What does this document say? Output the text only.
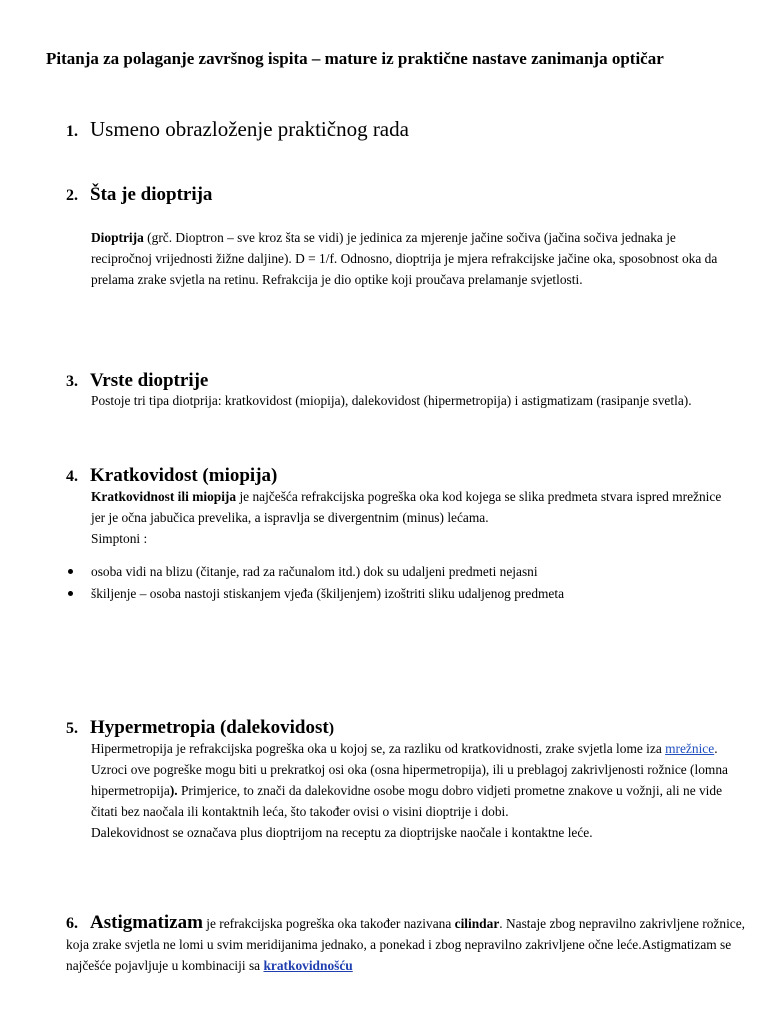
Pitanja za polaganje završnog ispita – mature iz praktične nastave zanimanja optičar
1. Usmeno obrazloženje praktičnog rada
2. Šta je dioptrija

Dioptrija (grč. Dioptron – sve kroz šta se vidi) je jedinica za mjerenje jačine sočiva (jačina sočiva jednaka je recipročnoj vrijednosti žižne daljine). D = 1/f. Odnosno, dioptrija je mjera refrakcijske jačine oka, sposobnost oka da prelama zrake svjetla na retinu. Refrakcija je dio optike koji proučava prelamanje svjetlosti.

3. Vrste dioptrije

Postoje tri tipa diotprija: kratkovidost (miopija), dalekovidost (hipermetropija) i astigmatizam (rasipanje svetla).

4. Kratkovidost (miopija)

Kratkovidnost ili miopija je najčešća refrakcijska pogreška oka kod kojega se slika predmeta stvara ispred mrežnice jer je očna jabučica prevelika, a ispravlja se divergentnim (minus) lećama.
Simptoni :

osoba vidi na blizu (čitanje, rad za računalom itd.) dok su udaljeni predmeti nejasni
škiljenje – osoba nastoji stiskanjem vjeđa (škiljenjem) izoštriti sliku udaljenog predmeta
5. Hypermetropia (dalekovidost)

Hipermetropija je refrakcijska pogreška oka u kojoj se, za razliku od kratkovidnosti, zrake svjetla lome iza mrežnice. Uzroci ove pogreške mogu biti u prekratkoj osi oka (osna hipermetropija), ili u preblagoj zakrivljenosti rožnice (lomna hipermetropija). Primjerice, to znači da dalekovidne osobe mogu dobro vidjeti prometne znakove u vožnji, ali ne vide čitati bez naočala ili kontaktnih leća, što također ovisi o visini dioptrije i dobi.
Dalekovidnost se označava plus dioptrijom na receptu za dioptrijske naočale i kontaktne leće.

6. Astigmatizam je refrakcijska pogreška oka također nazivana cilindar. Nastaje zbog nepravilno zakrivljene rožnice, koja zrake svjetla ne lomi u svim meridijanima jednako, a ponekad i zbog nepravilno zakrivljene očne leće.Astigmatizam se najčešće pojavljuje u kombinaciji sa kratkovidnošću
